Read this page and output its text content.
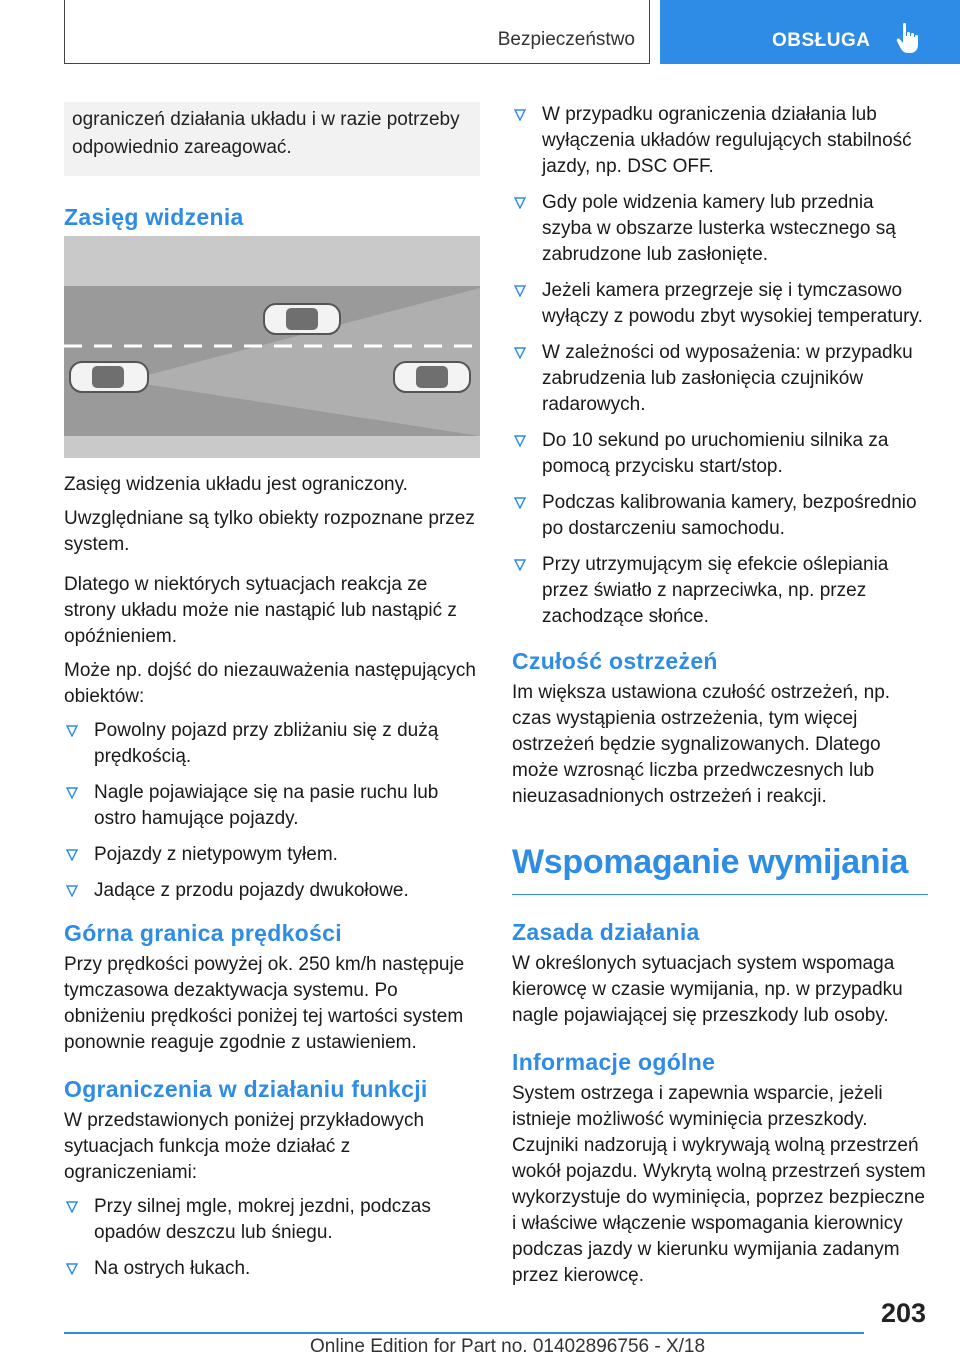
Bezpieczeństwo	OBSŁUGA
ograniczeń działania układu i w razie potrzeby odpowiednio zareagować.
Zasięg widzenia

Zasięg widzenia układu jest ograniczony.

Uwzględniane są tylko obiekty rozpoznane przez system.

Dlatego w niektórych sytuacjach reakcja ze strony układu może nie nastąpić lub nastąpić z opóźnieniem.

Może np. dojść do niezauważenia następujących obiektów:

Powolny pojazd przy zbliżaniu się z dużą prędkością.
Nagle pojawiające się na pasie ruchu lub ostro hamujące pojazdy.
Pojazdy z nietypowym tyłem.
Jadące z przodu pojazdy dwukołowe.
Górna granica prędkości

Przy prędkości powyżej ok. 250 km/h następuje tymczasowa dezaktywacja systemu. Po obniżeniu prędkości poniżej tej wartości system ponownie reaguje zgodnie z ustawieniem.

Ograniczenia w działaniu funkcji

W przedstawionych poniżej przykładowych sytuacjach funkcja może działać z ograniczeniami:

Przy silnej mgle, mokrej jezdni, podczas opadów deszczu lub śniegu.
Na ostrych łukach.
W przypadku ograniczenia działania lub wyłączenia układów regulujących stabilność jazdy, np. DSC OFF.
Gdy pole widzenia kamery lub przednia szyba w obszarze lusterka wstecznego są zabrudzone lub zasłonięte.
Jeżeli kamera przegrzeje się i tymczasowo wyłączy z powodu zbyt wysokiej temperatury.
W zależności od wyposażenia: w przypadku zabrudzenia lub zasłonięcia czujników radarowych.
Do 10 sekund po uruchomieniu silnika za pomocą przycisku start/stop.
Podczas kalibrowania kamery, bezpośrednio po dostarczeniu samochodu.
Przy utrzymującym się efekcie oślepiania przez światło z naprzeciwka, np. przez zachodzące słońce.
Czułość ostrzeżeń

Im większa ustawiona czułość ostrzeżeń, np. czas wystąpienia ostrzeżenia, tym więcej ostrzeżeń będzie sygnalizowanych. Dlatego może wzrosnąć liczba przedwczesnych lub nieuzasadnionych ostrzeżeń i reakcji.

Wspomaganie wymijania
Zasada działania

W określonych sytuacjach system wspomaga kierowcę w czasie wymijania, np. w przypadku nagle pojawiającej się przeszkody lub osoby.

Informacje ogólne

System ostrzega i zapewnia wsparcie, jeżeli istnieje możliwość wyminięcia przeszkody. Czujniki nadzorują i wykrywają wolną przestrzeń wokół pojazdu. Wykrytą wolną przestrzeń system wykorzystuje do wyminięcia, poprzez bezpieczne i właściwe włączenie wspomagania kierownicy podczas jazdy w kierunku wymijania zadanym przez kierowcę.

203
Online Edition for Part no. 01402896756 - X/18
